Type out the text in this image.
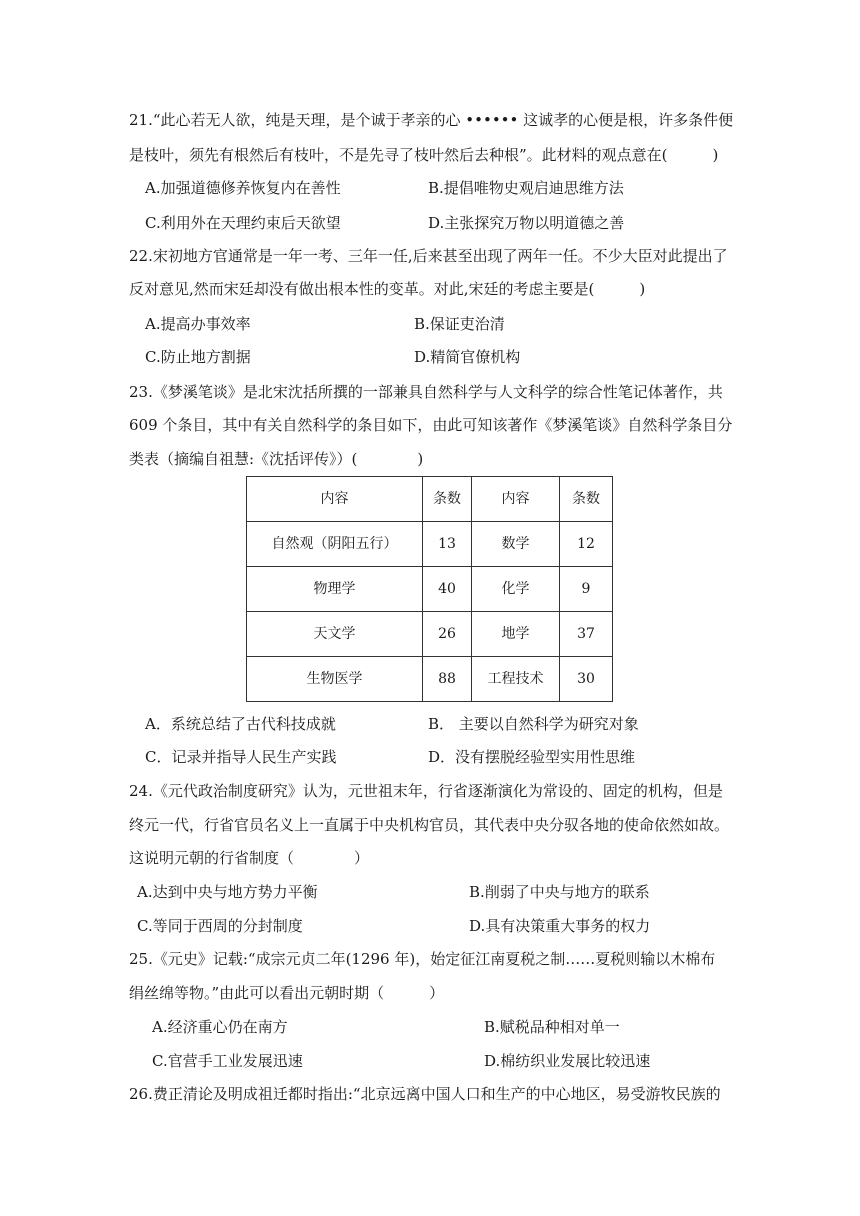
21.“此心若无人欲，纯是天理，是个诚于孝亲的心 •••••• 这诚孝的心便是根，许多条件便
是枝叶，须先有根然后有枝叶，不是先寻了枝叶然后去种根”。此材料的观点意在(　　　)
A.加强道德修养恢复内在善性	B.提倡唯物史观启迪思维方法
C.利用外在天理约束后天欲望	D.主张探究万物以明道德之善
22.宋初地方官通常是一年一考、三年一任,后来甚至出现了两年一任。不少大臣对此提出了
反对意见,然而宋廷却没有做出根本性的变革。对此,宋廷的考虑主要是(　　　)
A.提高办事效率	B.保证吏治清
C.防止地方割据	D.精简官僚机构
23.《梦溪笔谈》是北宋沈括所撰的一部兼具自然科学与人文科学的综合性笔记体著作，共
609 个条目，其中有关自然科学的条目如下，由此可知该著作《梦溪笔谈》自然科学条目分
类表（摘编自祖慧:《沈括评传》）(　　　　)
内容	条数	内容	条数
自然观（阴阳五行）	13	数学	12
物理学	40	化学	9
天文学	26	地学	37
生物医学	88	工程技术	30
A．系统总结了古代科技成就	B． 主要以自然科学为研究对象
C．记录并指导人民生产实践	D．没有摆脱经验型实用性思维
24.《元代政治制度研究》认为，元世祖末年，行省逐渐演化为常设的、固定的机构，但是
终元一代，行省官员名义上一直属于中央机构官员，其代表中央分驭各地的使命依然如故。
这说明元朝的行省制度（　　　　）
A.达到中央与地方势力平衡	B.削弱了中央与地方的联系
C.等同于西周的分封制度	D.具有决策重大事务的权力
25.《元史》记载:“成宗元贞二年(1296 年)，始定征江南夏税之制……夏税则输以木棉布
绢丝绵等物。”由此可以看出元朝时期（　　　）
A.经济重心仍在南方	B.赋税品种相对单一
C.官营手工业发展迅速	D.棉纺织业发展比较迅速
26.费正清论及明成祖迁都时指出:“北京远离中国人口和生产的中心地区，易受游牧民族的
